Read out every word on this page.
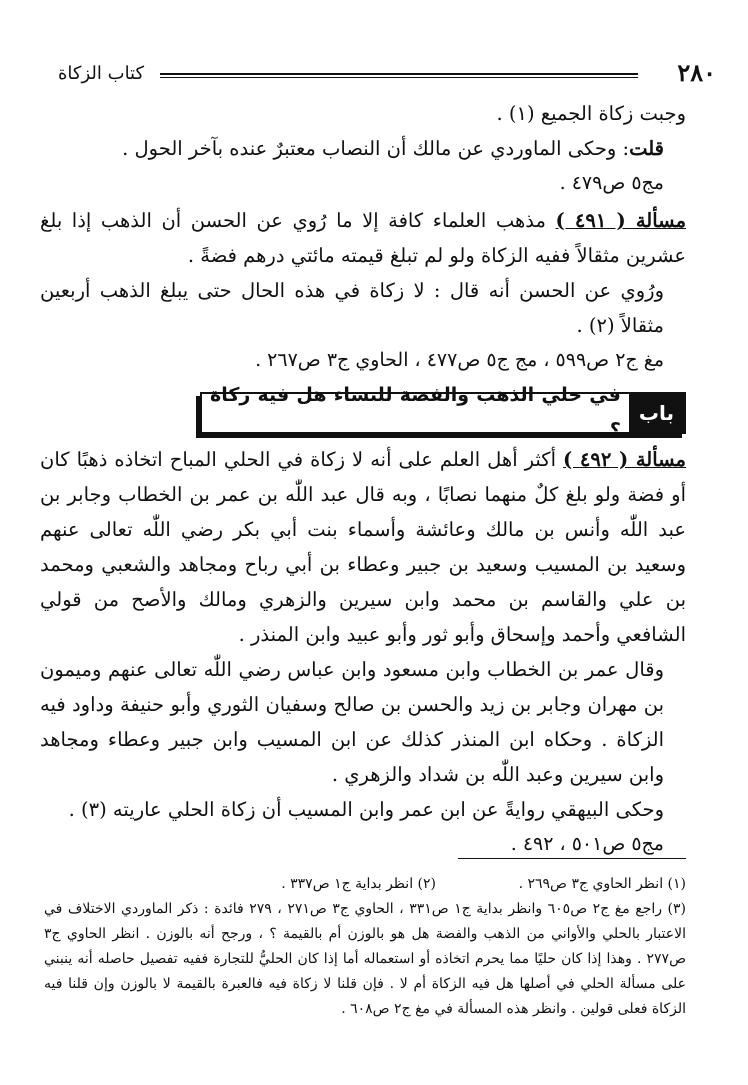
٢٨٠
كتاب الزكاة

وجبت زكاة الجميع (١) .

قلت: وحكى الماوردي عن مالك أن النصاب معتبرٌ عنده بآخر الحول .

مج٥ ص٤٧٩ .

مسألة ( ٤٩١ ) مذهب العلماء كافة إلا ما رُوي عن الحسن أن الذهب إذا بلغ عشرين مثقالاً ففيه الزكاة ولو لم تبلغ قيمته مائتي درهم فضةً .

ورُوي عن الحسن أنه قال : لا زكاة في هذه الحال حتى يبلغ الذهب أربعين مثقالاً (٢) .

مغ ج٢ ص٥٩٩ ، مج ج٥ ص٤٧٧ ، الحاوي ج٣ ص٢٦٧ .

باب
في حلي الذهب والفضة للنساء هل فيه زكاة ؟

مسألة ( ٤٩٢ ) أكثر أهل العلم على أنه لا زكاة في الحلي المباح اتخاذه ذهبًا كان أو فضة ولو بلغ كلٌ منهما نصابًا ، وبه قال عبد اللّٰه بن عمر بن الخطاب وجابر بن عبد اللّٰه وأنس بن مالك وعائشة وأسماء بنت أبي بكر رضي اللّٰه تعالى عنهم وسعيد بن المسيب وسعيد بن جبير وعطاء بن أبي رباح ومجاهد والشعبي ومحمد بن علي والقاسم بن محمد وابن سيرين والزهري ومالك والأصح من قولي الشافعي وأحمد وإسحاق وأبو ثور وأبو عبيد وابن المنذر .

وقال عمر بن الخطاب وابن مسعود وابن عباس رضي اللّٰه تعالى عنهم وميمون بن مهران وجابر بن زيد والحسن بن صالح وسفيان الثوري وأبو حنيفة وداود فيه الزكاة . وحكاه ابن المنذر كذلك عن ابن المسيب وابن جبير وعطاء ومجاهد وابن سيرين وعبد اللّٰه بن شداد والزهري .

وحكى البيهقي روايةً عن ابن عمر وابن المسيب أن زكاة الحلي عاريته (٣) .

مج٥ ص٥٠١ ، ٤٩٢ .

(١) انظر الحاوي ج٣ ص٢٦٩ .
(٢) انظر بداية ج١ ص٣٣٧ .

(٣) راجع مغ ج٢ ص٦٠٥ وانظر بداية ج١ ص٣٣١ ، الحاوي ج٣ ص٢٧١ ، ٢٧٩ فائدة : ذكر الماوردي الاختلاف في الاعتبار بالحلي والأواني من الذهب والفضة هل هو بالوزن أم بالقيمة ؟ ، ورجح أنه بالوزن . انظر الحاوي ج٣ ص٢٧٧ . وهذا إذا كان حليًا مما يحرم اتخاذه أو استعماله أما إذا كان الحليُّ للتجارة ففيه تفصيل حاصله أنه ينبني على مسألة الحلي في أصلها هل فيه الزكاة أم لا . فإن قلنا لا زكاة فيه فالعبرة بالقيمة لا بالوزن وإن قلنا فيه الزكاة فعلى قولين . وانظر هذه المسألة في مغ ج٢ ص٦٠٨ .
